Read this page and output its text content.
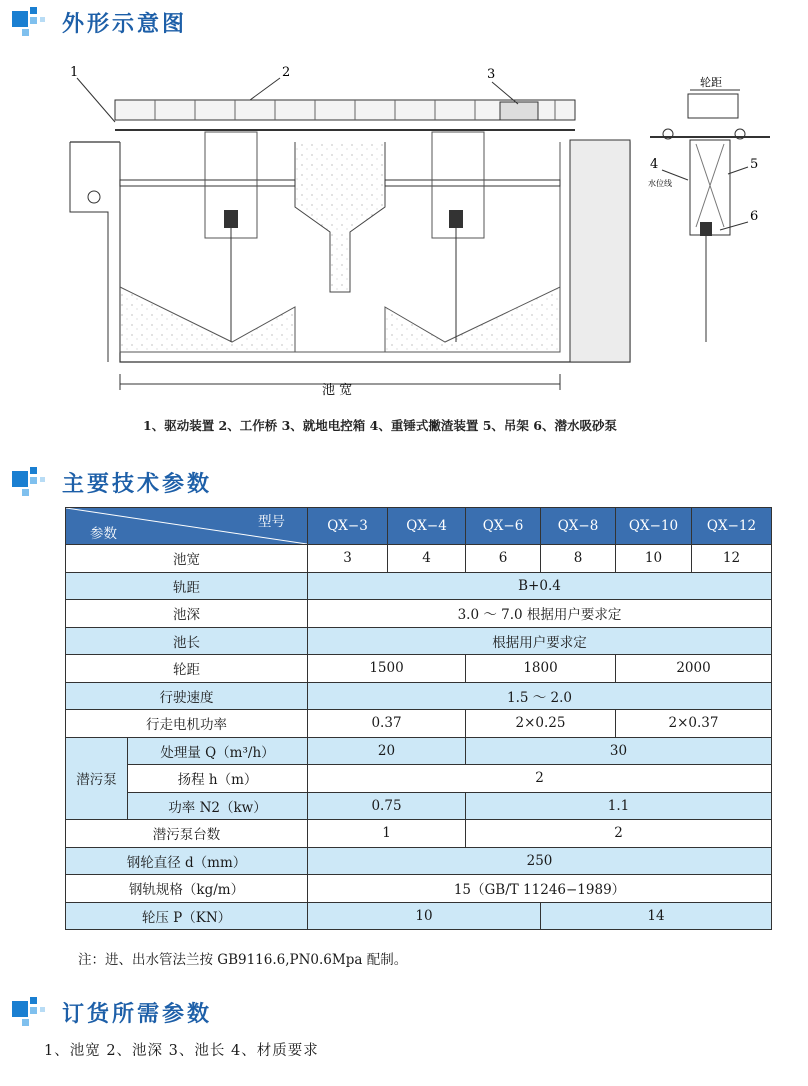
外形示意图
1	2	3
4	5
6
轮距
水位线
池 宽
1、驱动装置 2、工作桥 3、就地电控箱 4、重锤式撇渣装置 5、吊架 6、潜水吸砂泵
主要技术参数
型号
参数		QX−3	QX−4	QX−6	QX−8	QX−10	QX−12
池宽		3	4	6	8	10	12
轨距		B+0.4					
池深		3.0 ～ 7.0 根据用户要求定					
池长		根据用户要求定					
轮距		1500		1800		2000	
行驶速度		1.5 ～ 2.0					
行走电机功率		0.37		2×0.25		2×0.37	
潜污泵	处理量 Q（m³/h）	20		30			
	扬程 h（m）	2					
	功率 N2（kw）	0.75		1.1			
潜污泵台数		1		2			
钢轮直径 d（mm）		250					
钢轨规格（kg/m）		15（GB/T 11246−1989）					
轮压 P（KN）		10			14		
注：进、出水管法兰按 GB9116.6,PN0.6Mpa 配制。
订货所需参数
1、池宽 2、池深 3、池长 4、材质要求
